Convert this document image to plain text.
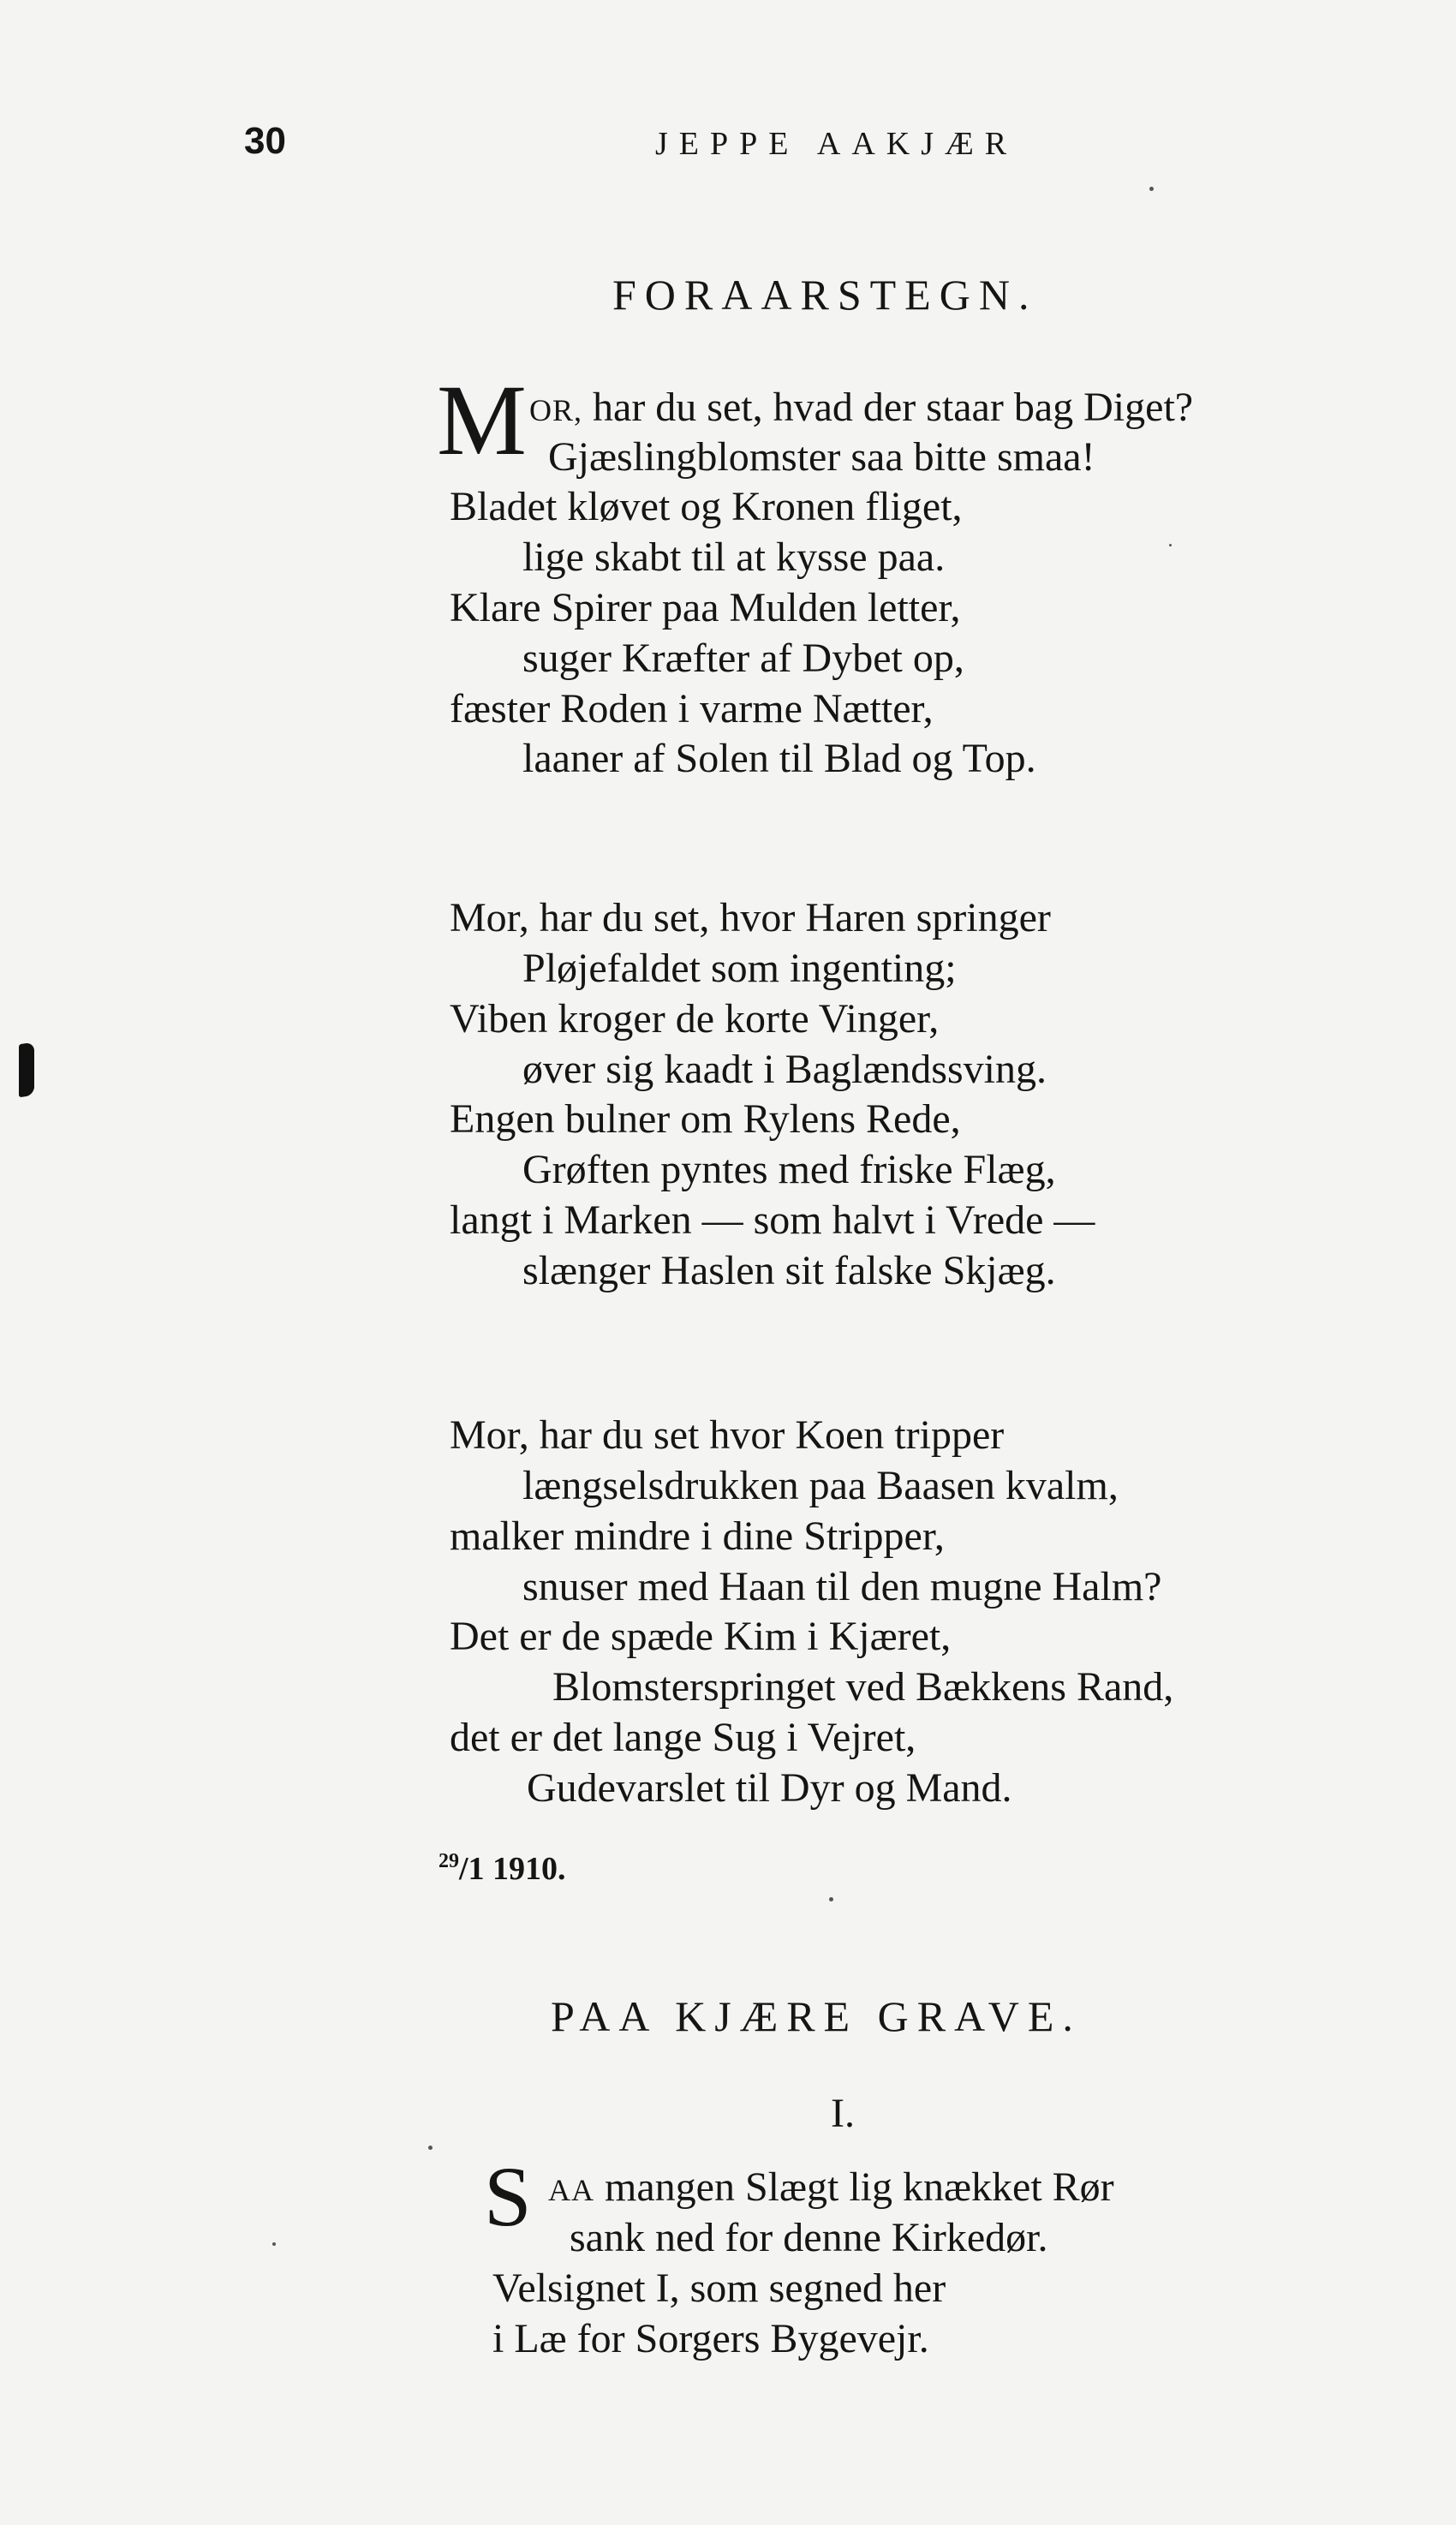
30	JEPPE AAKJÆR
FORAARSTEGN.
M OR, har du set, hvad der staar bag Diget?
Gjæslingblomster saa bitte smaa!
Bladet kløvet og Kronen fliget,
lige skabt til at kysse paa.
Klare Spirer paa Mulden letter,
suger Kræfter af Dybet op,
fæster Roden i varme Nætter,
laaner af Solen til Blad og Top.
Mor, har du set, hvor Haren springer
Pløjefaldet som ingenting;
Viben kroger de korte Vinger,
øver sig kaadt i Baglændssving.
Engen bulner om Rylens Rede,
Grøften pyntes med friske Flæg,
langt i Marken — som halvt i Vrede —
slænger Haslen sit falske Skjæg.
Mor, har du set hvor Koen tripper
længselsdrukken paa Baasen kvalm,
malker mindre i dine Stripper,
snuser med Haan til den mugne Halm?
Det er de spæde Kim i Kjæret,
Blomsterspringet ved Bækkens Rand,
det er det lange Sug i Vejret,
Gudevarslet til Dyr og Mand.
$^{29}$/1 1910.
PAA KJÆRE GRAVE.
I.
S AA mangen Slægt lig knækket Rør
sank ned for denne Kirkedør.
Velsignet I, som segned her
i Læ for Sorgers Bygevejr.
